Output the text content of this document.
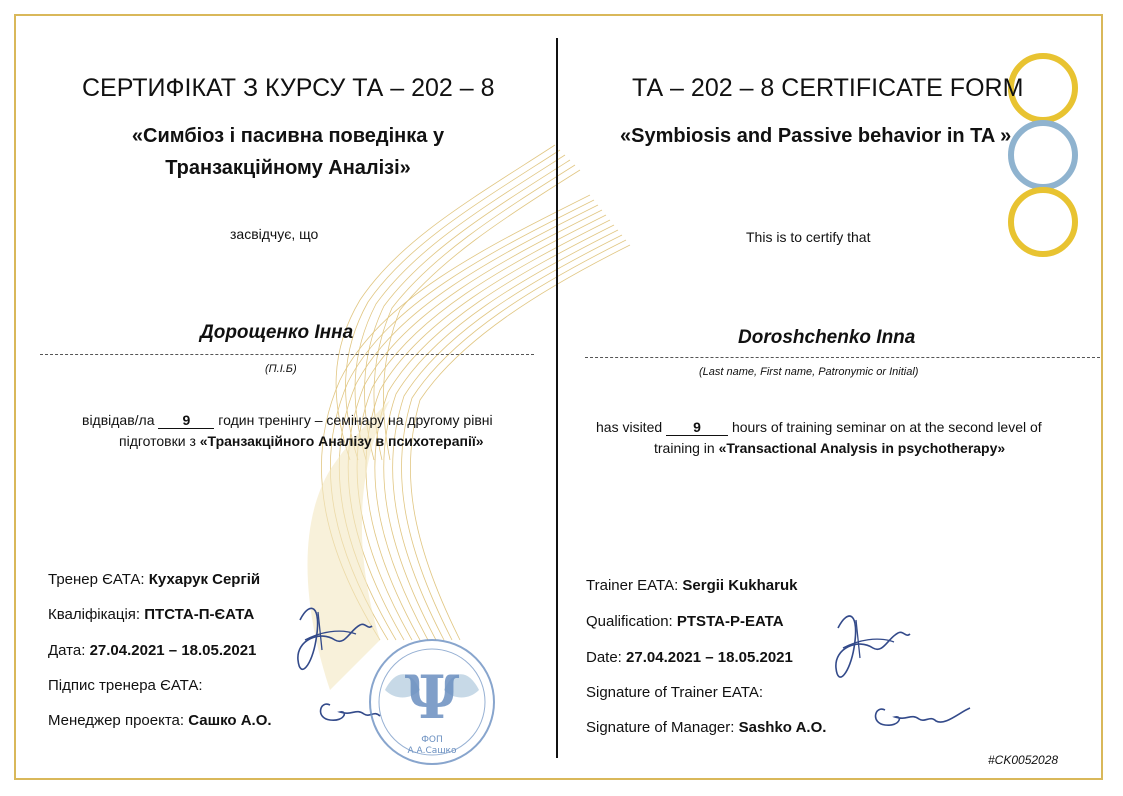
СЕРТИФІКАТ З КУРСУ ТА – 202 – 8
«Симбіоз і пасивна поведінка у
Транзакційному Аналізі»
засвідчує, що
Дорощенко Інна
(П.І.Б)
відвідав/ла 9 годин тренінгу – семінару на другому рівні
підготовки з «Транзакційного Аналізу в психотерапії»
Тренер ЄАТА: Кухарук Сергій
Кваліфікація: ПТСТА-П-ЄАТА
Дата: 27.04.2021 – 18.05.2021
Підпис тренера ЄАТА:
Менеджер проекта: Сашко А.О. Ψ
ФОП
А.А.Сашко
ТА – 202 – 8 CERTIFICATE FORM
«Symbiosis and Passive behavior in TA »
This is to certify that
Doroshchenko Inna
(Last name, First name, Patronymic or Initial)
has visited 9 hours of training seminar on at the second level of
training in «Transactional Analysis in psychotherapy»
Trainer EATA: Sergii Kukharuk
Qualification: PTSTA-P-EATA
Date: 27.04.2021 – 18.05.2021
Signature of Trainer EATA:
Signature of Manager: Sashko A.O.
#CK0052028
